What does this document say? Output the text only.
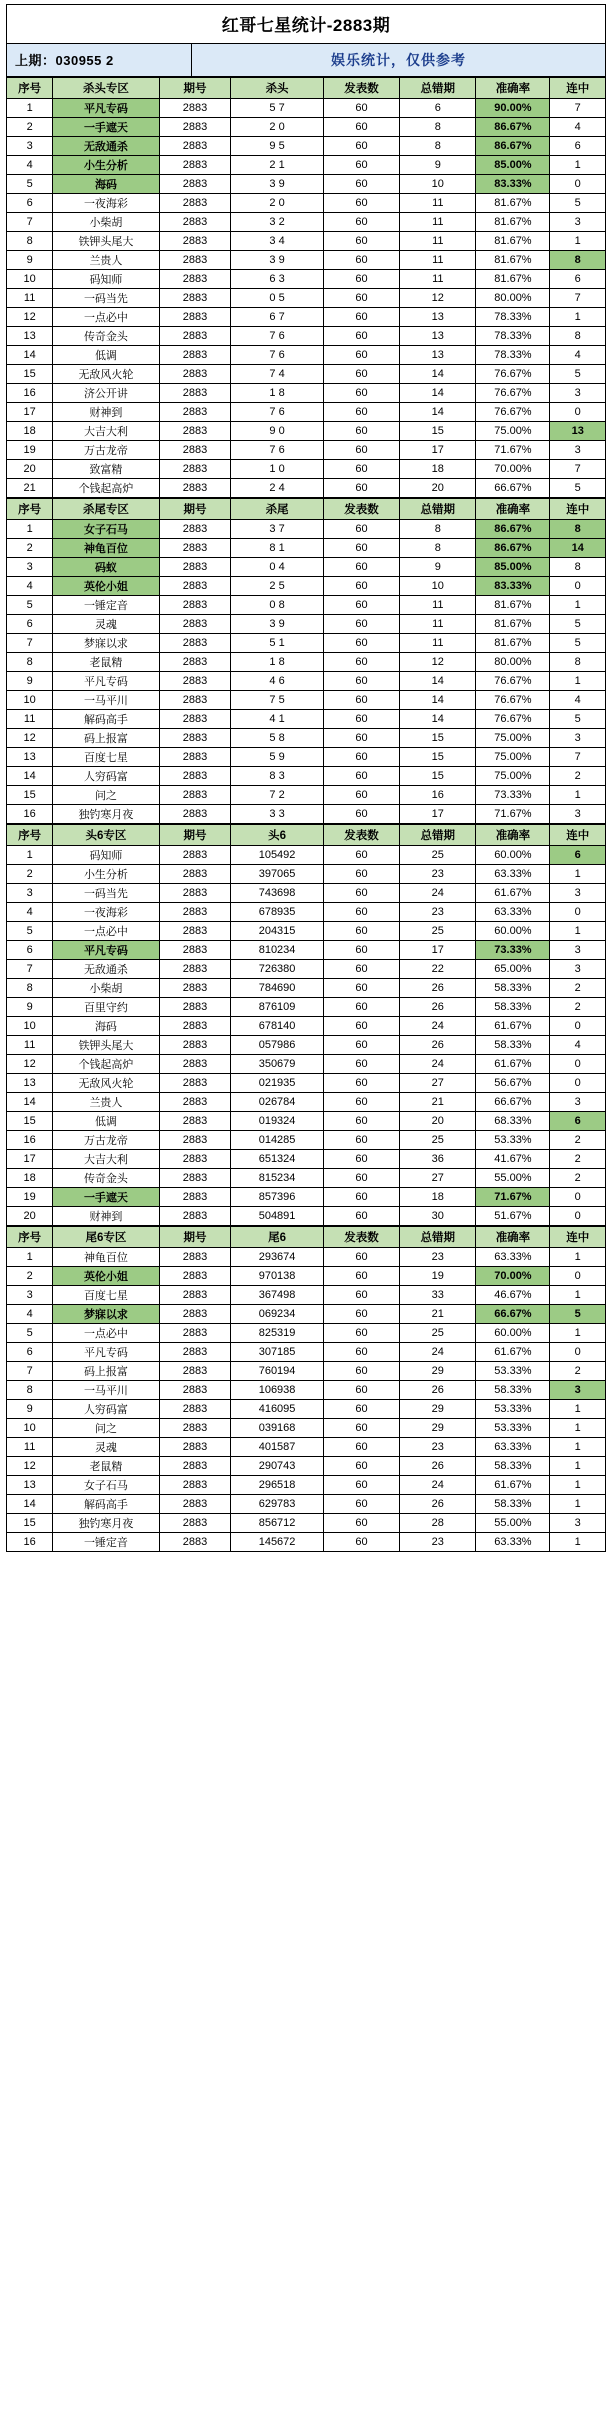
红哥七星统计-2883期
上期：030955 2	娱乐统计，仅供参考
序号	杀头专区	期号	杀头	发表数	总错期	准确率	连中
1	平凡专码	2883	5 7	60	6	90.00%	7
2	一手遮天	2883	2 0	60	8	86.67%	4
3	无敌通杀	2883	9 5	60	8	86.67%	6
4	小生分析	2883	2 1	60	9	85.00%	1
5	海码	2883	3 9	60	10	83.33%	0
6	一夜海彩	2883	2 0	60	11	81.67%	5
7	小柴胡	2883	3 2	60	11	81.67%	3
8	铁钾头尾大	2883	3 4	60	11	81.67%	1
9	兰贵人	2883	3 9	60	11	81.67%	8
10	码知师	2883	6 3	60	11	81.67%	6
11	一码当先	2883	0 5	60	12	80.00%	7
12	一点必中	2883	6 7	60	13	78.33%	1
13	传奇金头	2883	7 6	60	13	78.33%	8
14	低调	2883	7 6	60	13	78.33%	4
15	无敌风火轮	2883	7 4	60	14	76.67%	5
16	济公开讲	2883	1 8	60	14	76.67%	3
17	财神到	2883	7 6	60	14	76.67%	0
18	大吉大利	2883	9 0	60	15	75.00%	13
19	万古龙帝	2883	7 6	60	17	71.67%	3
20	致富精	2883	1 0	60	18	70.00%	7
21	个钱起高炉	2883	2 4	60	20	66.67%	5
序号	杀尾专区	期号	杀尾	发表数	总错期	准确率	连中
1	女子石马	2883	3 7	60	8	86.67%	8
2	神龟百位	2883	8 1	60	8	86.67%	14
3	码蚁	2883	0 4	60	9	85.00%	8
4	英伦小姐	2883	2 5	60	10	83.33%	0
5	一锤定音	2883	0 8	60	11	81.67%	1
6	灵魂	2883	3 9	60	11	81.67%	5
7	梦寐以求	2883	5 1	60	11	81.67%	5
8	老鼠精	2883	1 8	60	12	80.00%	8
9	平凡专码	2883	4 6	60	14	76.67%	1
10	一马平川	2883	7 5	60	14	76.67%	4
11	解码高手	2883	4 1	60	14	76.67%	5
12	码上报富	2883	5 8	60	15	75.00%	3
13	百度七星	2883	5 9	60	15	75.00%	7
14	人穷码富	2883	8 3	60	15	75.00%	2
15	问之	2883	7 2	60	16	73.33%	1
16	独钓寒月夜	2883	3 3	60	17	71.67%	3
序号	头6专区	期号	头6	发表数	总错期	准确率	连中
1	码知师	2883	105492	60	25	60.00%	6
2	小生分析	2883	397065	60	23	63.33%	1
3	一码当先	2883	743698	60	24	61.67%	3
4	一夜海彩	2883	678935	60	23	63.33%	0
5	一点必中	2883	204315	60	25	60.00%	1
6	平凡专码	2883	810234	60	17	73.33%	3
7	无敌通杀	2883	726380	60	22	65.00%	3
8	小柴胡	2883	784690	60	26	58.33%	2
9	百里守约	2883	876109	60	26	58.33%	2
10	海码	2883	678140	60	24	61.67%	0
11	铁钾头尾大	2883	057986	60	26	58.33%	4
12	个钱起高炉	2883	350679	60	24	61.67%	0
13	无敌风火轮	2883	021935	60	27	56.67%	0
14	兰贵人	2883	026784	60	21	66.67%	3
15	低调	2883	019324	60	20	68.33%	6
16	万古龙帝	2883	014285	60	25	53.33%	2
17	大吉大利	2883	651324	60	36	41.67%	2
18	传奇金头	2883	815234	60	27	55.00%	2
19	一手遮天	2883	857396	60	18	71.67%	0
20	财神到	2883	504891	60	30	51.67%	0
序号	尾6专区	期号	尾6	发表数	总错期	准确率	连中
1	神龟百位	2883	293674	60	23	63.33%	1
2	英伦小姐	2883	970138	60	19	70.00%	0
3	百度七星	2883	367498	60	33	46.67%	1
4	梦寐以求	2883	069234	60	21	66.67%	5
5	一点必中	2883	825319	60	25	60.00%	1
6	平凡专码	2883	307185	60	24	61.67%	0
7	码上报富	2883	760194	60	29	53.33%	2
8	一马平川	2883	106938	60	26	58.33%	3
9	人穷码富	2883	416095	60	29	53.33%	1
10	问之	2883	039168	60	29	53.33%	1
11	灵魂	2883	401587	60	23	63.33%	1
12	老鼠精	2883	290743	60	26	58.33%	1
13	女子石马	2883	296518	60	24	61.67%	1
14	解码高手	2883	629783	60	26	58.33%	1
15	独钓寒月夜	2883	856712	60	28	55.00%	3
16	一锤定音	2883	145672	60	23	63.33%	1
